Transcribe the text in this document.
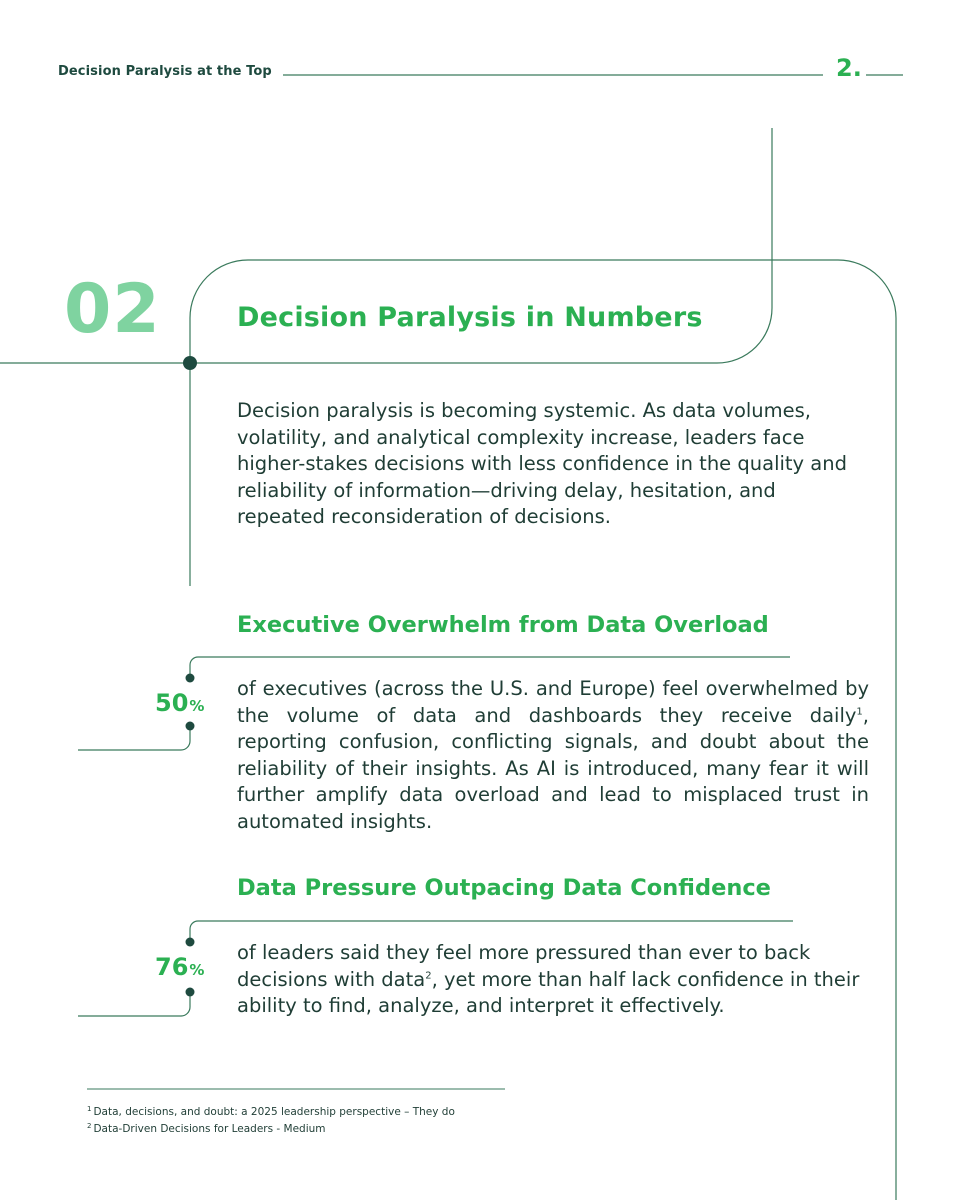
Decision Paralysis at the Top	2.
02	Decision Paralysis in Numbers
Decision paralysis is becoming systemic. As data volumes, volatility, and analytical complexity increase, leaders face higher-stakes decisions with less confidence in the quality and reliability of information—driving delay, hesitation, and repeated reconsideration of decisions.
Executive Overwhelm from Data Overload
50%
of executives (across the U.S. and Europe) feel overwhelmed by the volume of data and dashboards they receive daily$^1$, reporting confusion, conflicting signals, and doubt about the reliability of their insights. As AI is introduced, many fear it will further amplify data overload and lead to misplaced trust in automated insights.
Data Pressure Outpacing Data Confidence
76%
of leaders said they feel more pressured than ever to back decisions with data$^2$, yet more than half lack confidence in their ability to find, analyze, and interpret it effectively.
$^1$ Data, decisions, and doubt: a 2025 leadership perspective – They do
$^2$ Data-Driven Decisions for Leaders - Medium
